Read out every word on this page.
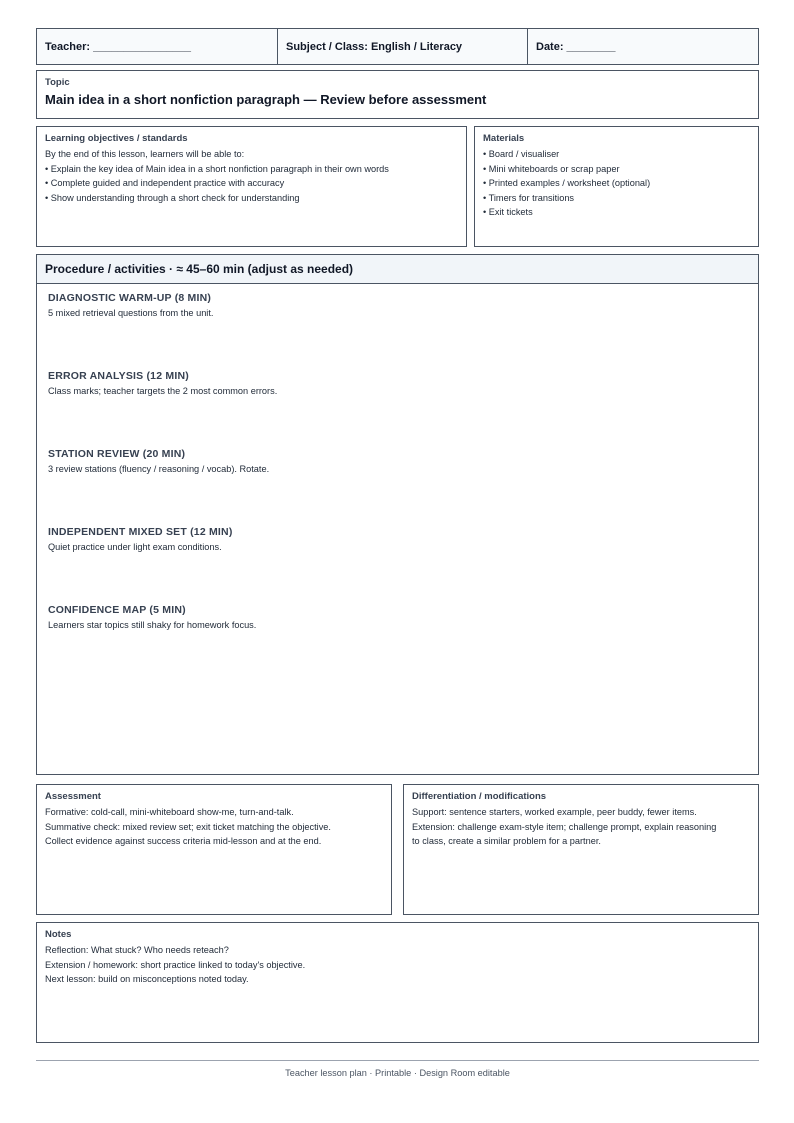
Teacher: ________________	Subject / Class: English / Literacy	Date: ________
Topic
Main idea in a short nonfiction paragraph — Review before assessment
Learning objectives / standards
By the end of this lesson, learners will be able to:
• Explain the key idea of Main idea in a short nonfiction paragraph in their own words
• Complete guided and independent practice with accuracy
• Show understanding through a short check for understanding
Materials
• Board / visualiser
• Mini whiteboards or scrap paper
• Printed examples / worksheet (optional)
• Timers for transitions
• Exit tickets
Procedure / activities · ≈ 45–60 min (adjust as needed)
DIAGNOSTIC WARM-UP (8 MIN)
5 mixed retrieval questions from the unit.
ERROR ANALYSIS (12 MIN)
Class marks; teacher targets the 2 most common errors.
STATION REVIEW (20 MIN)
3 review stations (fluency / reasoning / vocab). Rotate.
INDEPENDENT MIXED SET (12 MIN)
Quiet practice under light exam conditions.
CONFIDENCE MAP (5 MIN)
Learners star topics still shaky for homework focus.
Assessment
Formative: cold-call, mini-whiteboard show-me, turn-and-talk.
Summative check: mixed review set; exit ticket matching the objective.
Collect evidence against success criteria mid-lesson and at the end.
Differentiation / modifications
Support: sentence starters, worked example, peer buddy, fewer items.
Extension: challenge exam-style item; challenge prompt, explain reasoning
to class, create a similar problem for a partner.
Notes
Reflection: What stuck? Who needs reteach?
Extension / homework: short practice linked to today's objective.
Next lesson: build on misconceptions noted today.
Teacher lesson plan · Printable · Design Room editable
